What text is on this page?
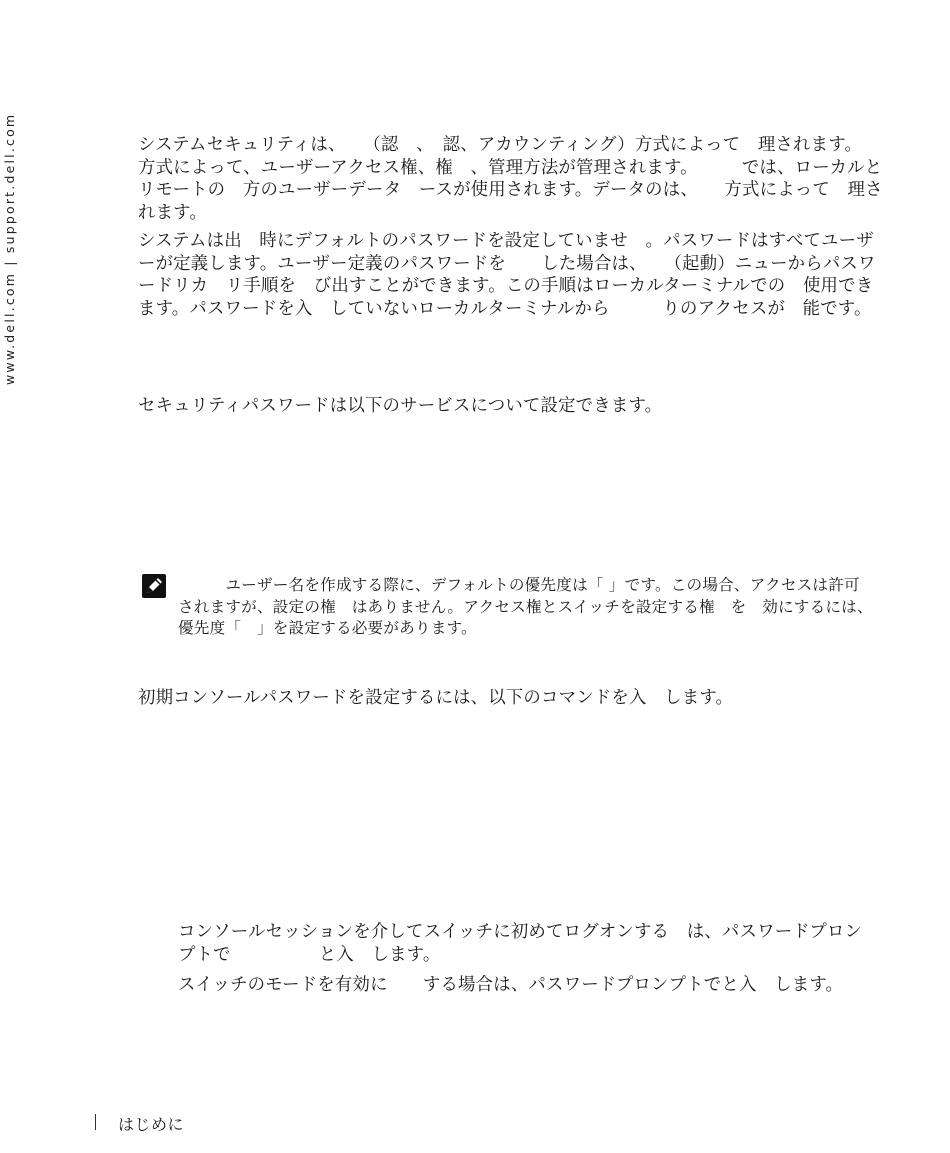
www.dell.com | support.dell.com	システムセキュリティは、　　（認　、　認、アカウンティング）方式によって　理されます。　　　方式によって、ユーザーアクセス権、権　、管理方法が管理されます。　　　では、ローカルとリモートの　方のユーザーデータ　ースが使用されます。データのは、　　方式によって　理されます。

システムは出　時にデフォルトのパスワードを設定していませ　。パスワードはすべてユーザーが定義します。ユーザー定義のパスワードを　　した場合は、　　（起動）ニューからパスワードリカ　リ手順を　び出すことができます。この手順はローカルターミナルでの　使用できます。パスワードを入　していないローカルターミナルから　　　りのアクセスが　能です。

セキュリティパスワードは以下のサービスについて設定できます。

　　　ユーザー名を作成する際に、デフォルトの優先度は「 」です。この場合、アクセスは許可されますが、設定の権　はありません。アクセス権とスイッチを設定する権　を　効にするには、優先度「　」を設定する必要があります。

初期コンソールパスワードを設定するには、以下のコマンドを入　します。

コンソールセッションを介してスイッチに初めてログオンする　は、パスワードプロンプトで　　　　　と入　します。

スイッチのモードを有効に　　する場合は、パスワードプロンプトでと入　します。

はじめに
